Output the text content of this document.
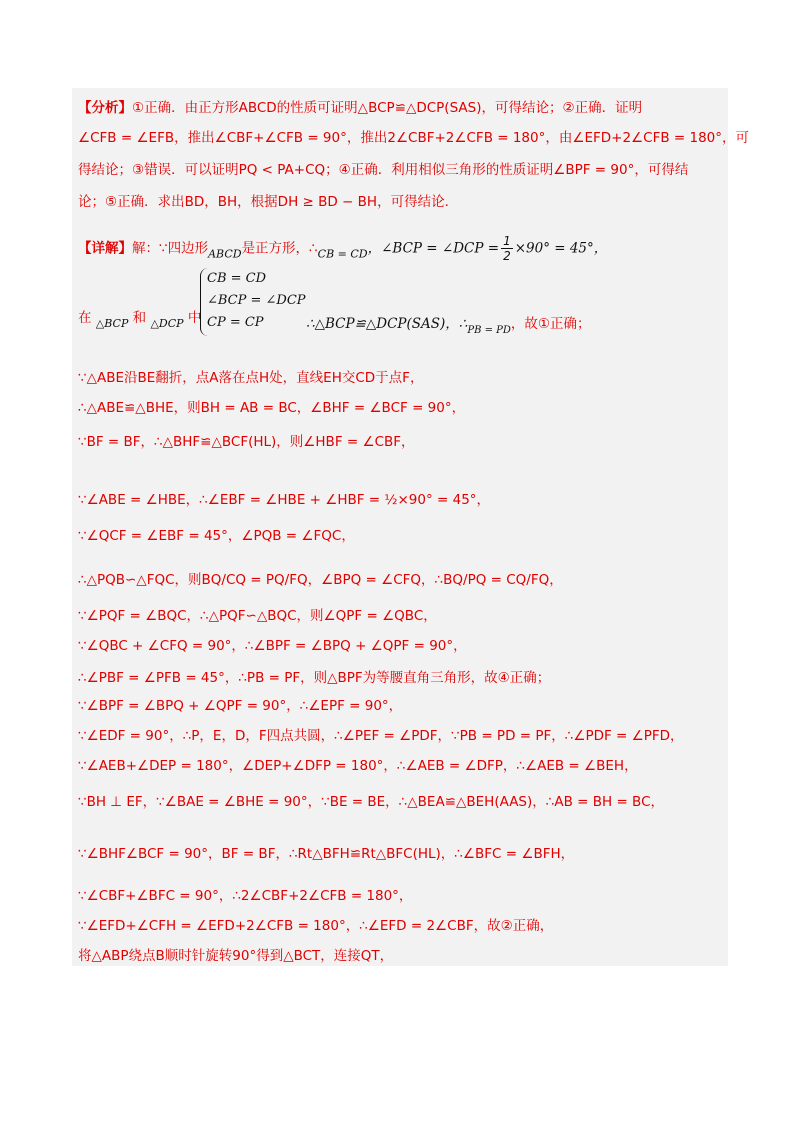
【分析】①正确．由正方形ABCD的性质可证明△BCP≌△DCP(SAS)，可得结论；②正确．证明
∠CFB = ∠EFB，推出∠CBF+∠CFB = 90°，推出2∠CBF+2∠CFB = 180°，由∠EFD+2∠CFB = 180°，可
得结论；③错误．可以证明PQ < PA+CQ；④正确．利用相似三角形的性质证明∠BPF = 90°，可得结
论；⑤正确．求出BD，BH，根据DH ≥ BD − BH，可得结论．
【详解】解：∵四边形$_{ABCD}$是正方形，$\therefore_{CB = CD}$，∠BCP = ∠DCP = $\frac{1}{2} \times 90^\circ = 45^\circ$，
在 $_{\triangle BCP}$ 和 $_{\triangle DCP}$ 中
CB = CD
∠BCP = ∠DCP
CP = CP	∴△BCP≌△DCP(SAS)，$\therefore_{PB = PD}$，故①正确；
∵△ABE沿BE翻折，点A落在点H处，直线EH交CD于点F，
∴△ABE≌△BHE，则BH = AB = BC，∠BHF = ∠BCF = 90°，
∵BF = BF，∴△BHF≌△BCF(HL)，则∠HBF = ∠CBF，
∵∠ABE = ∠HBE，∴∠EBF = ∠HBE + ∠HBF = ½×90° = 45°，
∵∠QCF = ∠EBF = 45°，∠PQB = ∠FQC，
∴△PQB∽△FQC，则BQ/CQ = PQ/FQ，∠BPQ = ∠CFQ，∴BQ/PQ = CQ/FQ，
∵∠PQF = ∠BQC，∴△PQF∽△BQC，则∠QPF = ∠QBC，
∵∠QBC + ∠CFQ = 90°，∴∠BPF = ∠BPQ + ∠QPF = 90°，
∴∠PBF = ∠PFB = 45°，∴PB = PF，则△BPF为等腰直角三角形，故④正确；
∵∠BPF = ∠BPQ + ∠QPF = 90°，∴∠EPF = 90°，
∵∠EDF = 90°，∴P，E，D，F四点共圆，∴∠PEF = ∠PDF，∵PB = PD = PF，∴∠PDF = ∠PFD，
∵∠AEB+∠DEP = 180°，∠DEP+∠DFP = 180°，∴∠AEB = ∠DFP，∴∠AEB = ∠BEH，
∵BH ⊥ EF，∵∠BAE = ∠BHE = 90°，∵BE = BE，∴△BEA≌△BEH(AAS)，∴AB = BH = BC，
∵∠BHF∠BCF = 90°，BF = BF，∴Rt△BFH≌Rt△BFC(HL)，∴∠BFC = ∠BFH，
∵∠CBF+∠BFC = 90°，∴2∠CBF+2∠CFB = 180°，
∵∠EFD+∠CFH = ∠EFD+2∠CFB = 180°，∴∠EFD = 2∠CBF，故②正确，
将△ABP绕点B顺时针旋转90°得到△BCT，连接QT，
